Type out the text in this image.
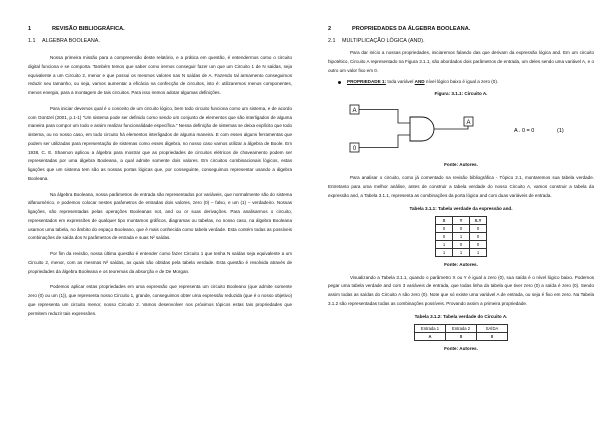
1	REVISÃO BIBLIOGRÁFICA.
1.1 ALGEBRA BOOLEANA.

Nossa primeira missão para a compreensão deste relatório, e a prática em questão, é entendermos como o circuito digital funciona e se comporta. Também temos que saber como iremos conseguir fazer um que um Circuito 1 de N saídas, seja equivalente a um Circuito 2, menor e que possui os mesmos valores nas N saídas de A. Fazendo tal armamento conseguimos reduzir seu tamanho, ou seja, vamos aumentar a eficácia na confecção de circuitos, isto é: utilizaremos menos componentes, menos energia, para a montagem de tais circuitos. Para isso iremos adotar algumas definições.

Para iniciar devemos qual é o conceito de um circuito lógico, bem todo circuito funciona como um sistema, e de acordo com Güntzel (2001, p.1-1) "Um sistema pode ser definido como sendo um conjunto de elementos que são interligados de alguma maneira para compor um todo e assim realizar funcionalidade específica." Nessa definição de sistemas se deixa explícito que todo sistema, ou no nosso caso, em todo circuito há elementos interligados de alguma maneira. E com esses alguns ferramentas que podem ser utilizadas para representação de sistemas como esses álgebra, no nosso caso vamos utilizar a álgebra de Boole. Em 1938, C. E. Shannon aplicou a álgebra para mostrar que as propriedades de circuitos elétricos de chaveamento podem ser representadas por uma álgebra Booleana, a qual admite somente dois valores. Em circuitos combinacionais lógicos, estas ligações que um sistema tem são as nossas portas lógicas que, por conseguinte, conseguimos representar usando a álgebra Booleana.

Na álgebra Booleana, nossa parâmetros de entrada são representados por variáveis, que normalmente são do sistema alfanumérico, e podemos colocar nestes parâmetros de entradas dois valores, zero (0) – falso, e um (1) – verdadeiro. Nossas ligações, são representadas pelas operações Booleanas not, and ou or suas derivações. Para analisarmos o circuito, representados em expressões de qualquer tipo montamos gráficos, diagramas ou tabelas, no nosso caso, na álgebra Booleana usamos uma tabela, no âmbito do espaço Booleano, que é mais conhecida como tabela verdade. Esta contém todas as possíveis combinações de saída dos N parâmetros de entrada e suas N² saídas.

Por fim da revisão, nossa última questão é entender como fazer Circuito 1 que tenha N saídas seja equivalente a um Circuito 2, menor, com as mesmas N² saídas, as quais são obtidas pela tabela verdade. Esta questão é resolvida através de propriedades da álgebra Booleana e os teoremas da absorção e de De Morgan.

Podemos aplicar estas propriedades em uma expressão que representa um circuito Booleano (que admite somente zero (0) ou um (1)), que representa nosso Circuito 1, grande, conseguimos obter uma expressão reduzida (que é o nosso objetivo) que representa um circuito menor, nosso Circuito 2. Vamos desenvolver nos próximos tópicos estas tais propriedades que permitem reduzir tais expressões.

2	PROPRIEDADES DA ÁLGEBRA BOOLEANA.
2.1 MULTIPLICAÇÃO LÓGICA (AND).

Para dar início a nossas propriedades, iniciaremos falando das que derivam da expressão lógica and. Em um circuito hipotético, Circuito A representado na Figura 3.1.1, são abordados dois parâmetros de entrada, um deles sendo uma variável A, e o outro um valor fixo em 0.

PROPRIEDADE 1: toda variável AND nível lógico baixo é igual a zero (0).
Figura: 3.1.1: Circuito A.
A
0
A
A . 0 = 0	(1)
Fonte: Autores.

Para analisar o circuito, como já comentado na revisão bibliográfica - Tópico 2.1, montaremos sua tabela verdade. Entretanto para uma melhor análise, antes de construir a tabela verdade do nosso Circuito A, vamos construir a tabela da expressão and, a Tabela 3.1.1, representa as combinações da porta lógica and com duas variáveis de entrada.

Tabela 3.1.1: Tabela verdade da expressão and.
X	Y	X.Y
0	0	0
0	1	0
1	0	0
1	1	1
Fonte: Autores.

Visualizando a Tabela 3.1.1, quando o parâmetro X ou Y é igual a zero (0), sua saída é o nível lógico baixo. Podemos pegar uma tabela verdade and com 3 variáveis de entrada, que todas linha da tabela que tiver zero (0) a saída é zero (0). Sendo assim todas as saídas do Circuito A são zero (0). Note que só existe uma variável A de entrada, ou seja é fixo em zero. Na Tabela 3.1.2 são representadas todas as combinações possíveis. Provando assim a primeira propriedade.

Tabela 3.1.2: Tabela verdade do Circuito A.
Entrada 1	Entrada 2	SAÍDA
A	0	0
Fonte: Autores.
